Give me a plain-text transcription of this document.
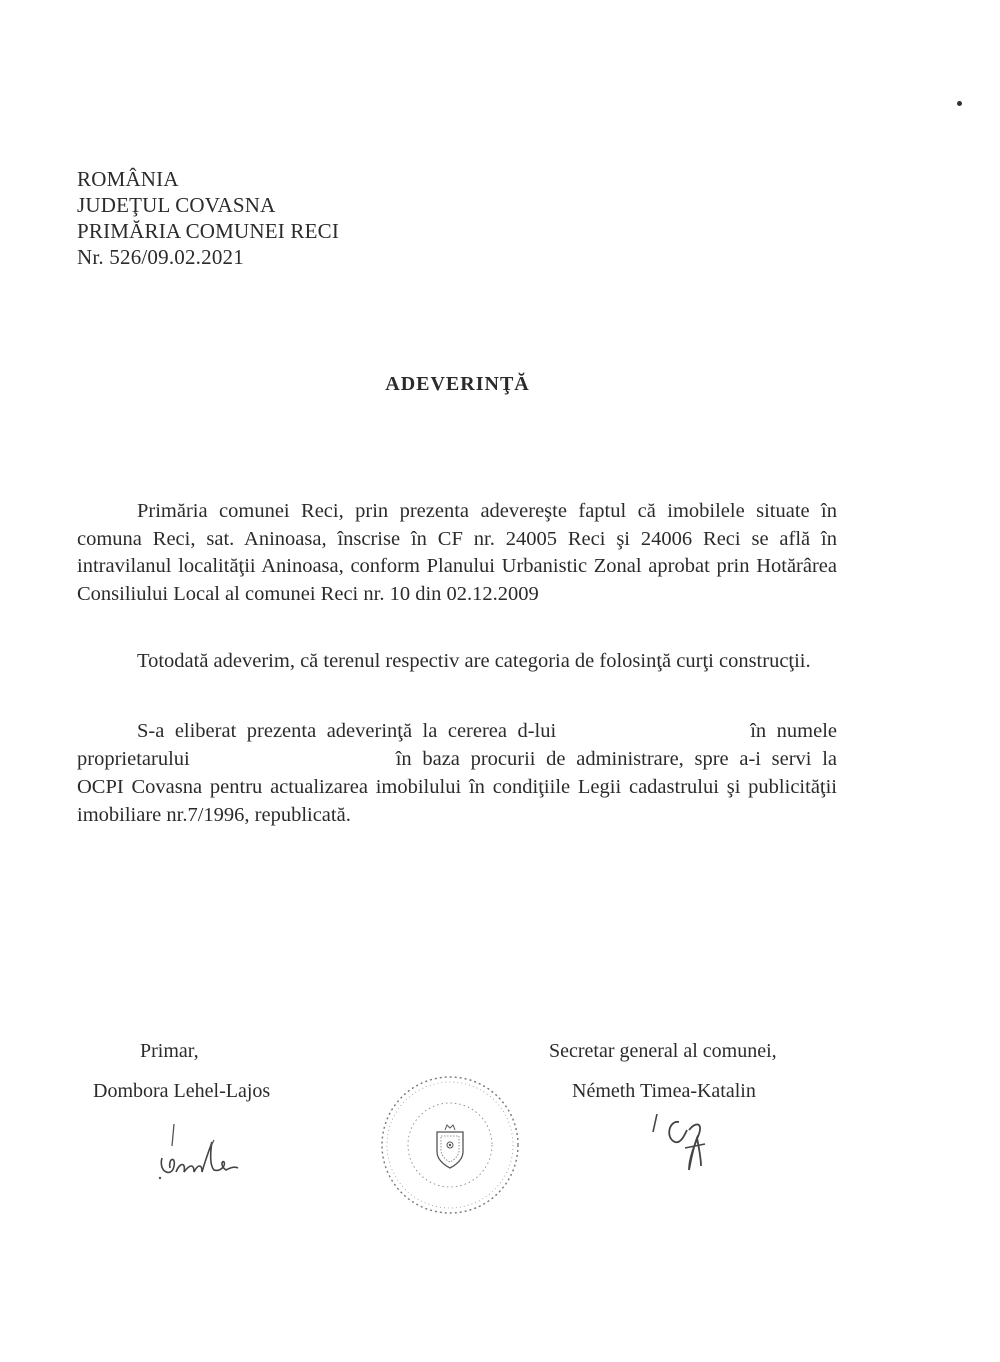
ROMÂNIA
JUDEŢUL COVASNA
PRIMĂRIA COMUNEI RECI
Nr. 526/09.02.2021
ADEVERINŢĂ
Primăria comunei Reci, prin prezenta adevereşte faptul că imobilele situate în comuna Reci, sat. Aninoasa, înscrise în CF nr. 24005 Reci şi 24006 Reci se află în intravilanul localităţii Aninoasa, conform Planului Urbanistic Zonal aprobat prin Hotărârea Consiliului Local al comunei Reci nr. 10 din 02.12.2009
Totodată adeverim, că terenul respectiv are categoria de folosinţă curţi construcţii.
S-a eliberat prezenta adeverinţă la cererea d-lui	în numele proprietarului	în baza procurii de administrare, spre a-i servi la OCPI Covasna pentru actualizarea imobilului în condiţiile Legii cadastrului şi publicităţii imobiliare nr.7/1996, republicată.
Primar,
Dombora Lehel-Lajos
Secretar general al comunei,
Németh Timea-Katalin
